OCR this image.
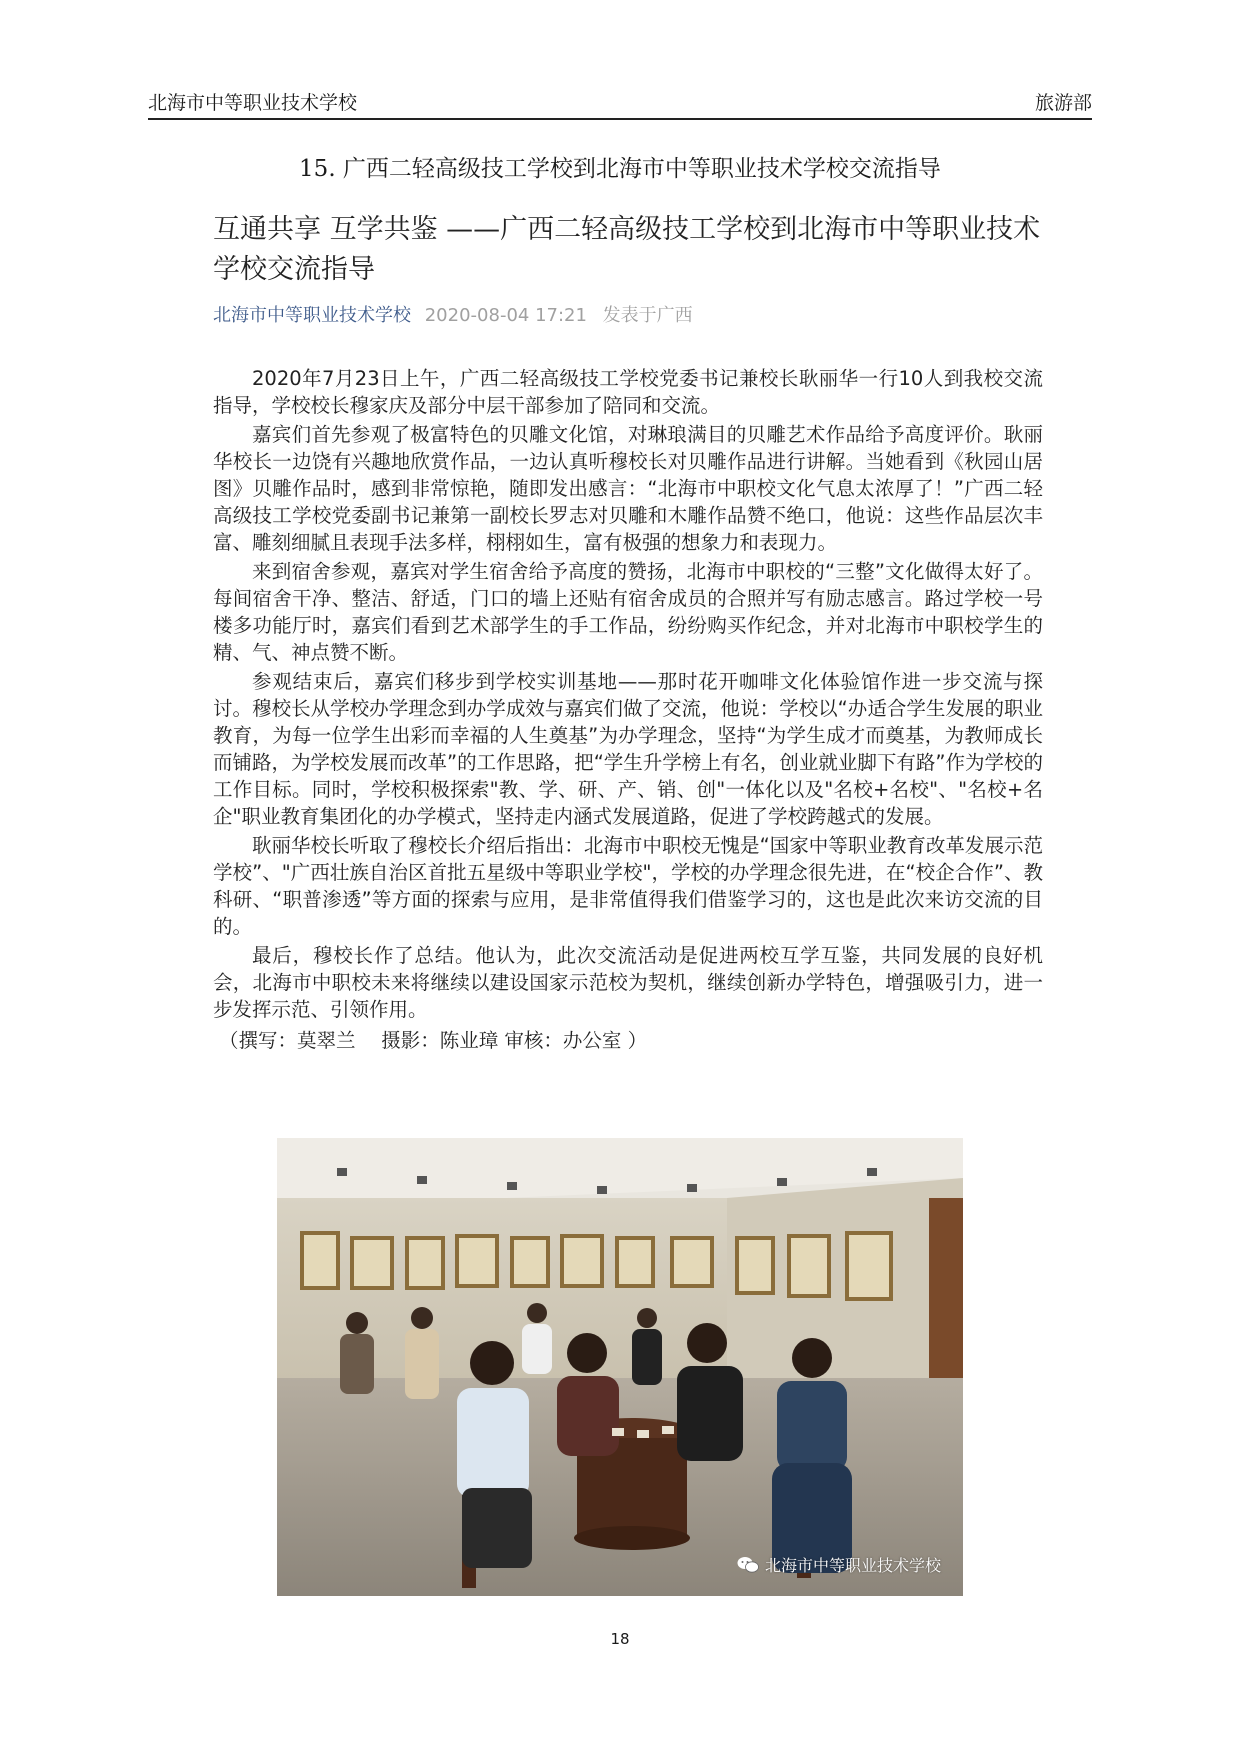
北海市中等职业技术学校	旅游部
15. 广西二轻高级技工学校到北海市中等职业技术学校交流指导
互通共享 互学共鉴 ——广西二轻高级技工学校到北海市中等职业技术学校交流指导
北海市中等职业技术学校 2020-08-04 17:21 发表于广西

2020年7月23日上午，广西二轻高级技工学校党委书记兼校长耿丽华一行10人到我校交流指导，学校校长穆家庆及部分中层干部参加了陪同和交流。

嘉宾们首先参观了极富特色的贝雕文化馆，对琳琅满目的贝雕艺术作品给予高度评价。耿丽华校长一边饶有兴趣地欣赏作品，一边认真听穆校长对贝雕作品进行讲解。当她看到《秋园山居图》贝雕作品时，感到非常惊艳，随即发出感言：“北海市中职校文化气息太浓厚了！”广西二轻高级技工学校党委副书记兼第一副校长罗志对贝雕和木雕作品赞不绝口，他说：这些作品层次丰富、雕刻细腻且表现手法多样，栩栩如生，富有极强的想象力和表现力。

来到宿舍参观，嘉宾对学生宿舍给予高度的赞扬，北海市中职校的“三整”文化做得太好了。每间宿舍干净、整洁、舒适，门口的墙上还贴有宿舍成员的合照并写有励志感言。路过学校一号楼多功能厅时，嘉宾们看到艺术部学生的手工作品，纷纷购买作纪念，并对北海市中职校学生的精、气、神点赞不断。

参观结束后，嘉宾们移步到学校实训基地——那时花开咖啡文化体验馆作进一步交流与探讨。穆校长从学校办学理念到办学成效与嘉宾们做了交流，他说：学校以“办适合学生发展的职业教育，为每一位学生出彩而幸福的人生奠基”为办学理念，坚持“为学生成才而奠基，为教师成长而铺路，为学校发展而改革”的工作思路，把“学生升学榜上有名，创业就业脚下有路”作为学校的工作目标。同时，学校积极探索"教、学、研、产、销、创"一体化以及"名校+名校"、"名校+名企"职业教育集团化的办学模式，坚持走内涵式发展道路，促进了学校跨越式的发展。

耿丽华校长听取了穆校长介绍后指出：北海市中职校无愧是“国家中等职业教育改革发展示范学校”、"广西壮族自治区首批五星级中等职业学校"，学校的办学理念很先进，在“校企合作”、教科研、“职普渗透”等方面的探索与应用，是非常值得我们借鉴学习的，这也是此次来访交流的目的。

最后，穆校长作了总结。他认为，此次交流活动是促进两校互学互鉴，共同发展的良好机会，北海市中职校未来将继续以建设国家示范校为契机，继续创新办学特色，增强吸引力，进一步发挥示范、引领作用。

（撰写：莫翠兰　 摄影：陈业璋 审核：办公室 ）

北海市中等职业技术学校
18
